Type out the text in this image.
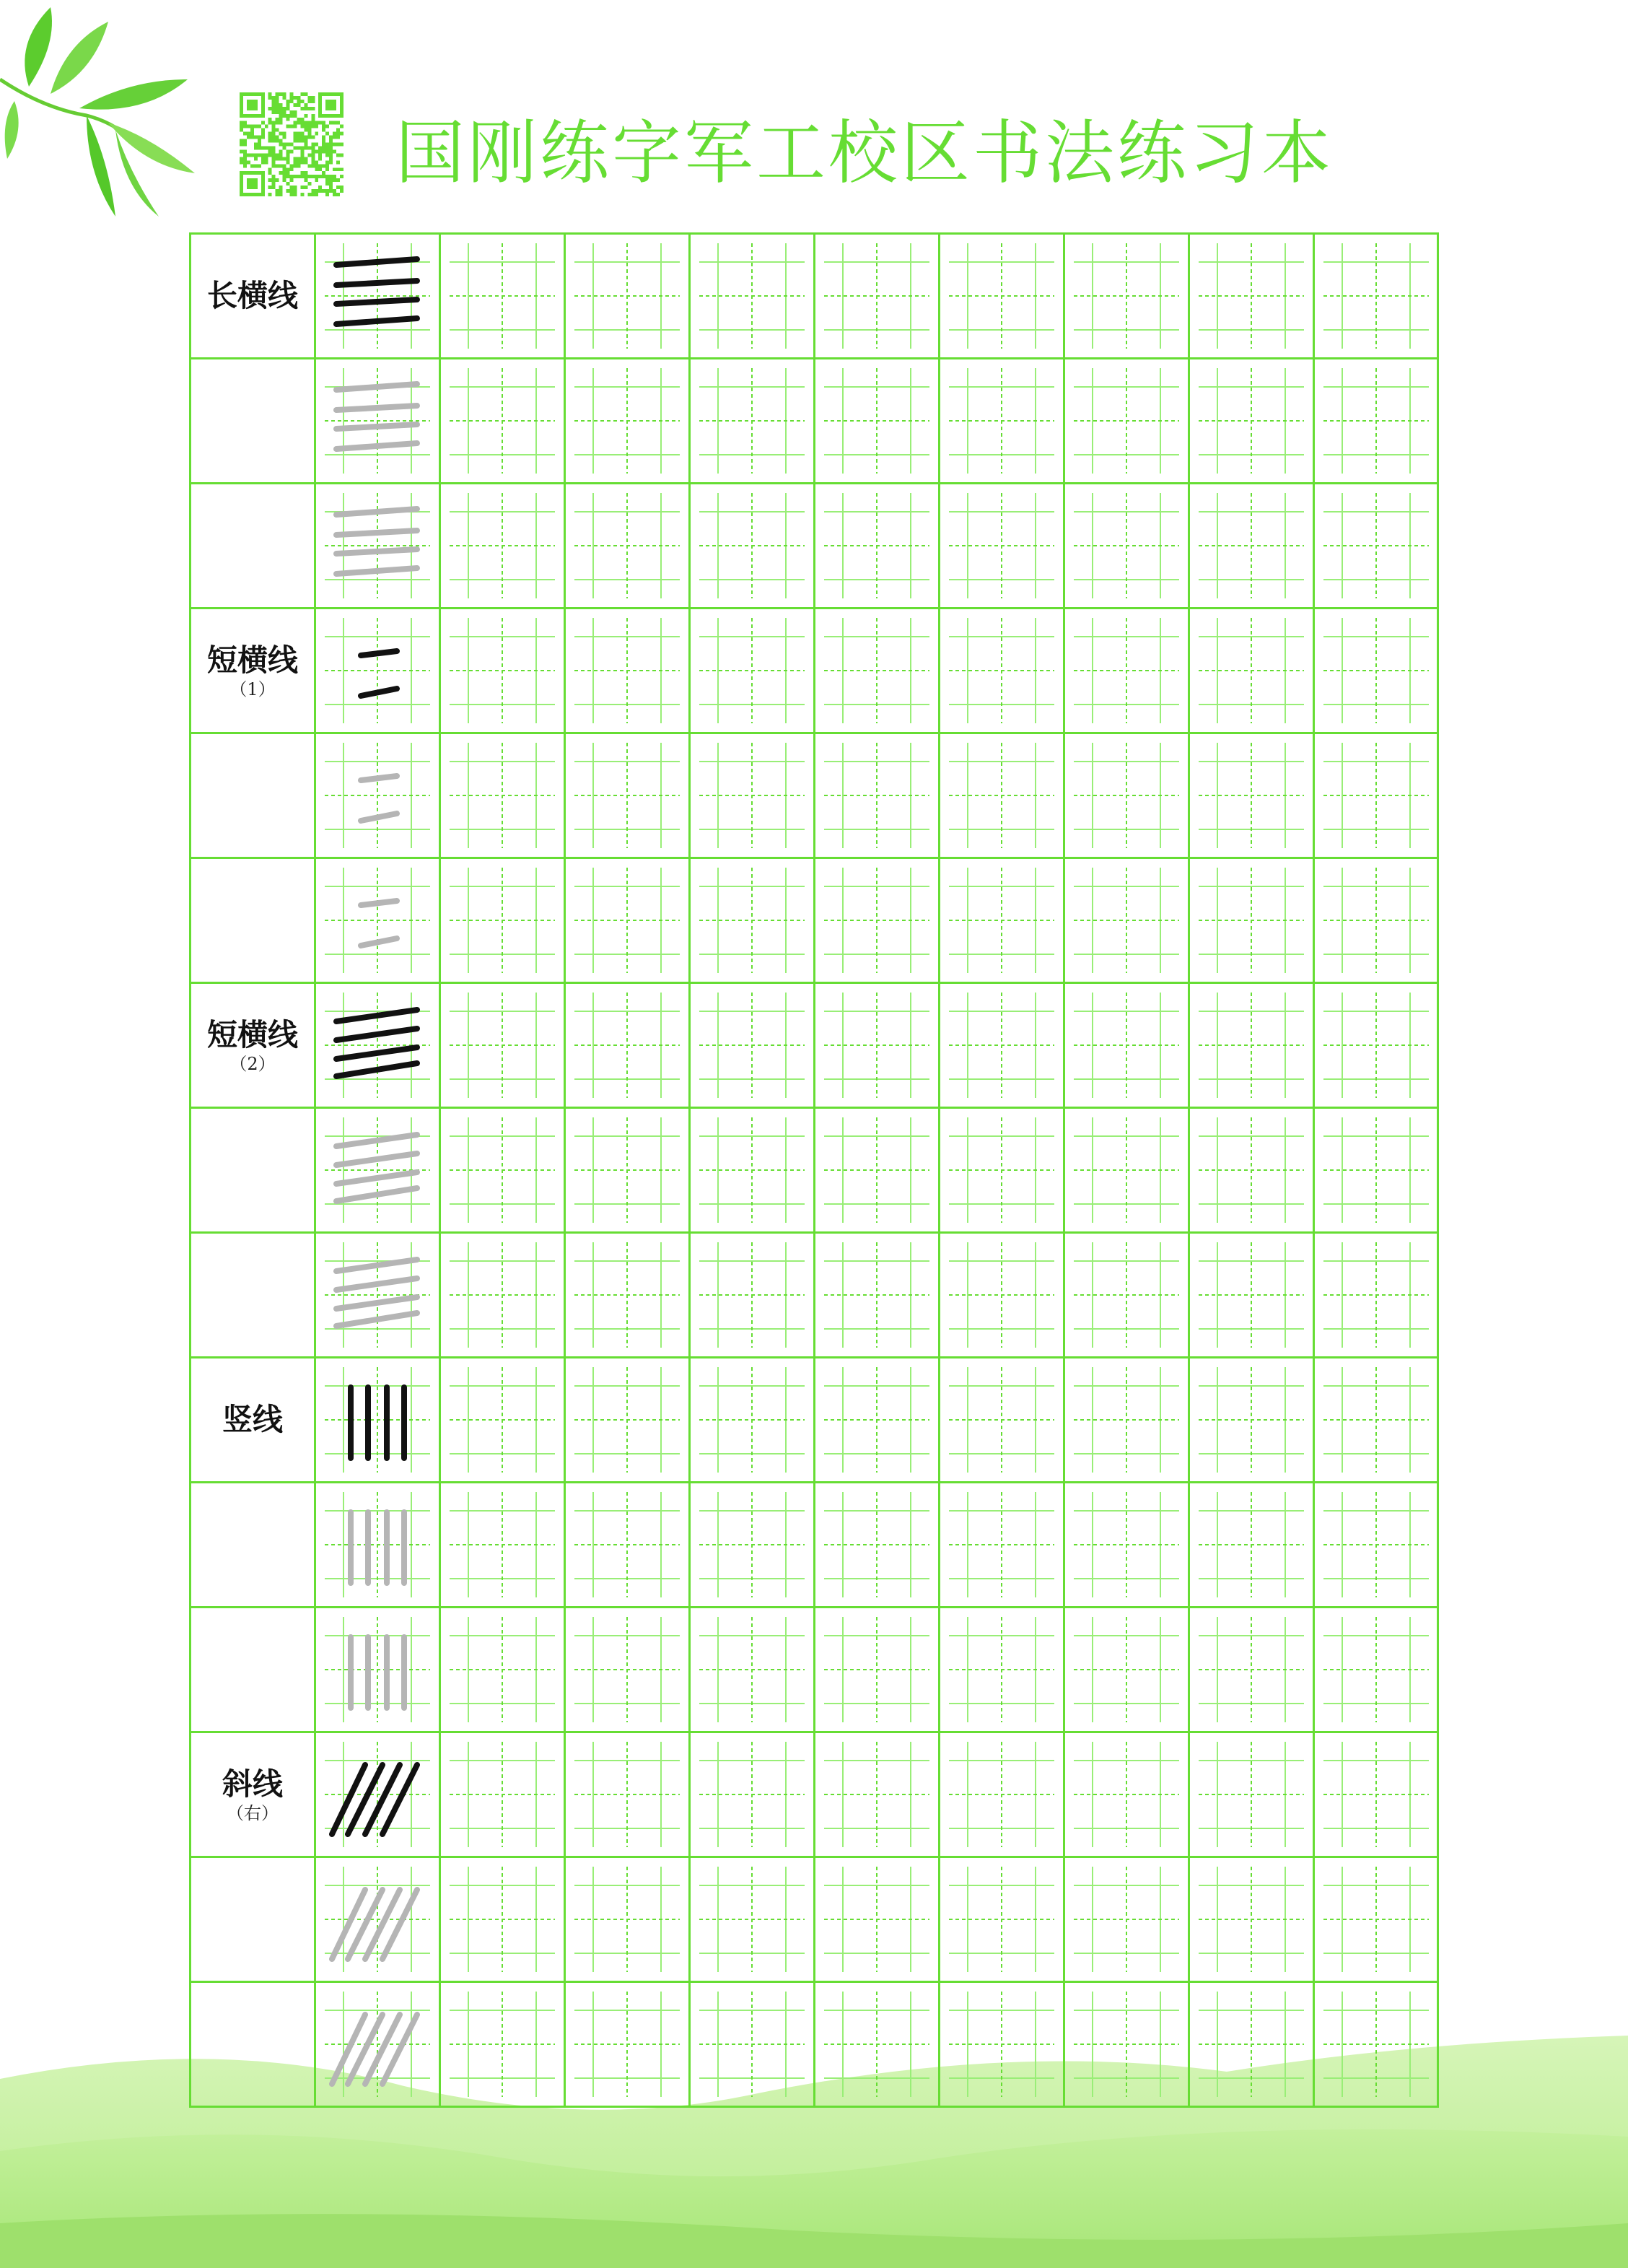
国刚练字军工校区书法练习本
长横线
短横线
（1）
短横线
（2）
竖线
斜线
（右）
